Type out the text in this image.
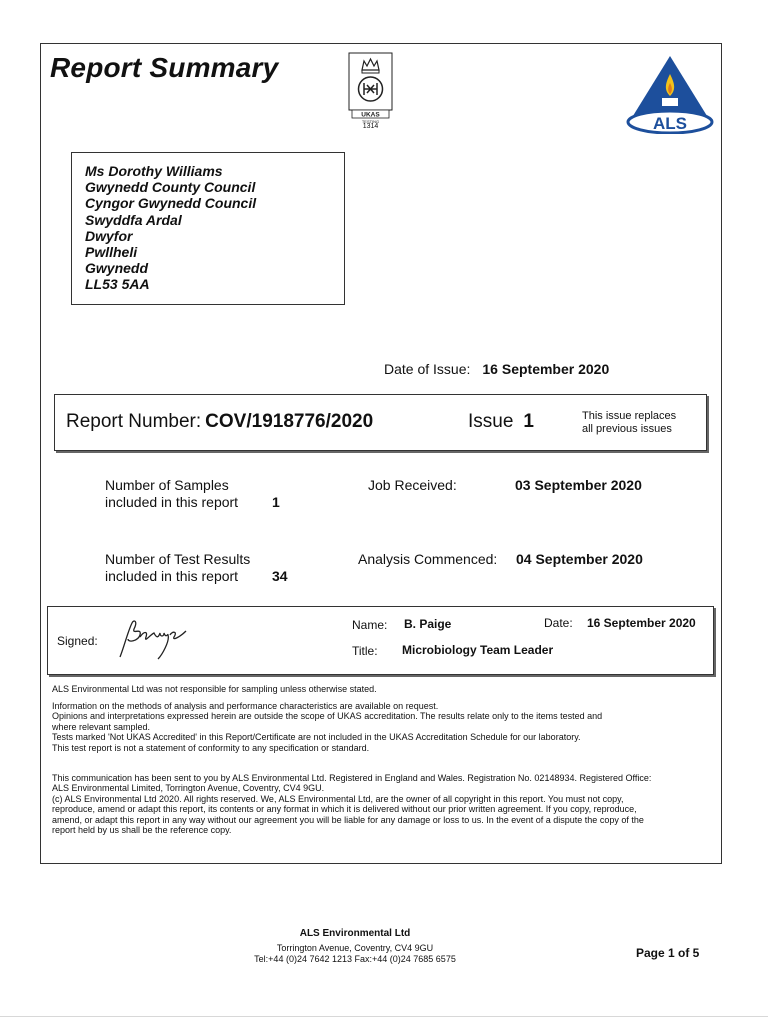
Report Summary
UKAS
TESTING
1314	ALS
Ms Dorothy Williams
Gwynedd County Council
Cyngor Gwynedd Council
Swyddfa Ardal
Dwyfor
Pwllheli
Gwynedd
LL53 5AA
Date of Issue: 16 September 2020
Report Number: COV/1918776/2020	Issue 1	This issue replaces
all previous issues
Number of Samples
included in this report 1
Job Received:	03 September 2020
Number of Test Results
included in this report	34
Analysis Commenced: 04 September 2020
Signed:
Name: B. Paige	Date: 16 September 2020
Title: Microbiology Team Leader
ALS Environmental Ltd was not responsible for sampling unless otherwise stated.
Information on the methods of analysis and performance characteristics are available on request.
Opinions and interpretations expressed herein are outside the scope of UKAS accreditation. The results relate only to the items tested and
where relevant sampled.
Tests marked 'Not UKAS Accredited' in this Report/Certificate are not included in the UKAS Accreditation Schedule for our laboratory.
This test report is not a statement of conformity to any specification or standard.
This communication has been sent to you by ALS Environmental Ltd. Registered in England and Wales. Registration No. 02148934. Registered Office:
ALS Environmental Limited, Torrington Avenue, Coventry, CV4 9GU.
(c) ALS Environmental Ltd 2020. All rights reserved. We, ALS Environmental Ltd, are the owner of all copyright in this report. You must not copy,
reproduce, amend or adapt this report, its contents or any format in which it is delivered without our prior written agreement. If you copy, reproduce,
amend, or adapt this report in any way without our agreement you will be liable for any damage or loss to us. In the event of a dispute the copy of the
report held by us shall be the reference copy.
ALS Environmental Ltd
Torrington Avenue, Coventry, CV4 9GU
Tel:+44 (0)24 7642 1213 Fax:+44 (0)24 7685 6575	Page 1 of 5
